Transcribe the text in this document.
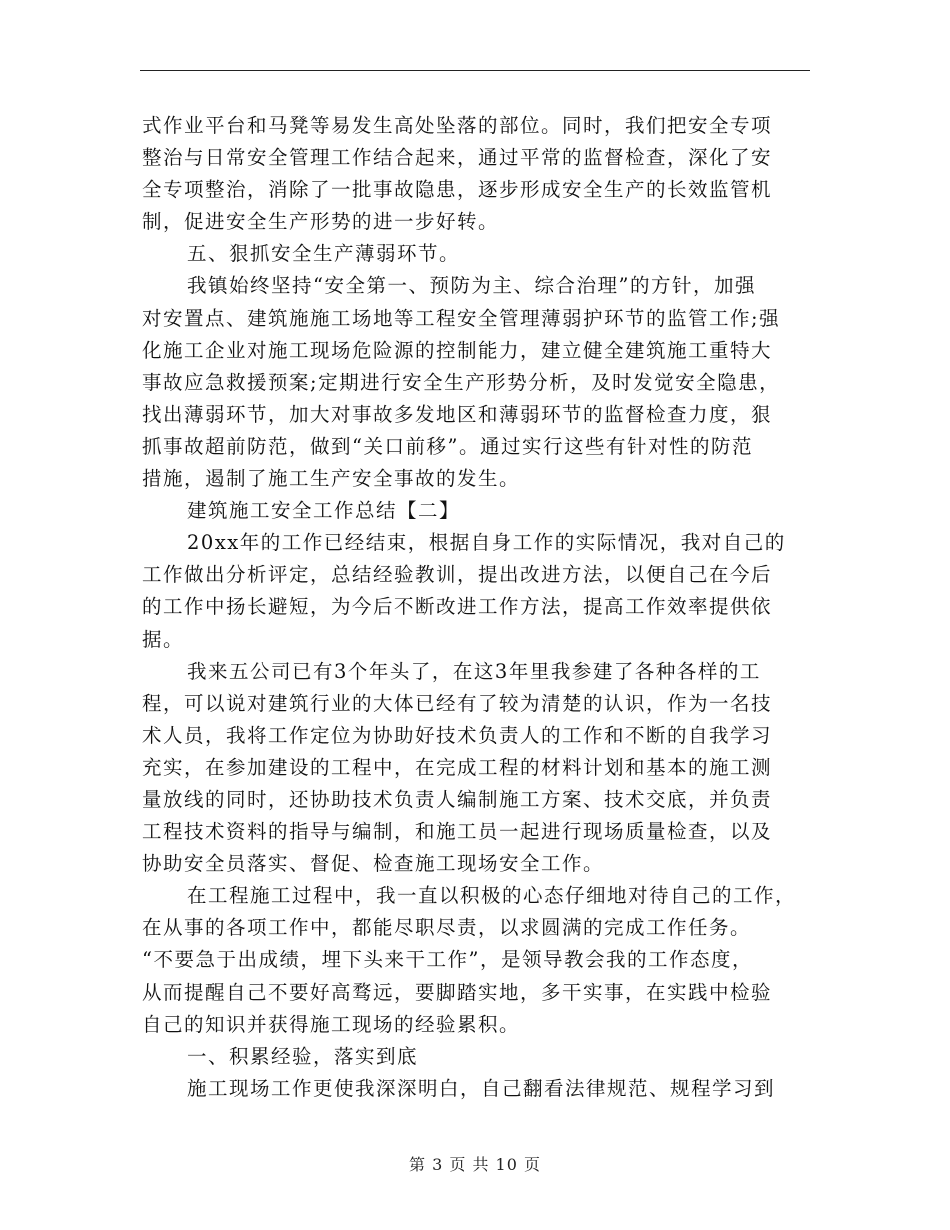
式作业平台和马凳等易发生高处坠落的部位。同时，我们把安全专项
整治与日常安全管理工作结合起来，通过平常的监督检查，深化了安
全专项整治，消除了一批事故隐患，逐步形成安全生产的长效监管机
制，促进安全生产形势的进一步好转。
五、狠抓安全生产薄弱环节。
我镇始终坚持“安全第一、预防为主、综合治理”的方针，加强
对安置点、建筑施施工场地等工程安全管理薄弱护环节的监管工作;强
化施工企业对施工现场危险源的控制能力，建立健全建筑施工重特大
事故应急救援预案;定期进行安全生产形势分析，及时发觉安全隐患，
找出薄弱环节，加大对事故多发地区和薄弱环节的监督检查力度，狠
抓事故超前防范，做到“关口前移”。通过实行这些有针对性的防范
措施，遏制了施工生产安全事故的发生。
建筑施工安全工作总结【二】
20xx年的工作已经结束，根据自身工作的实际情况，我对自己的
工作做出分析评定，总结经验教训，提出改进方法，以便自己在今后
的工作中扬长避短，为今后不断改进工作方法，提高工作效率提供依
据。
我来五公司已有3个年头了，在这3年里我参建了各种各样的工
程，可以说对建筑行业的大体已经有了较为清楚的认识，作为一名技
术人员，我将工作定位为协助好技术负责人的工作和不断的自我学习
充实，在参加建设的工程中，在完成工程的材料计划和基本的施工测
量放线的同时，还协助技术负责人编制施工方案、技术交底，并负责
工程技术资料的指导与编制，和施工员一起进行现场质量检查，以及
协助安全员落实、督促、检查施工现场安全工作。
在工程施工过程中，我一直以积极的心态仔细地对待自己的工作，
在从事的各项工作中，都能尽职尽责，以求圆满的完成工作任务。
“不要急于出成绩，埋下头来干工作”，是领导教会我的工作态度，
从而提醒自己不要好高骛远，要脚踏实地，多干实事，在实践中检验
自己的知识并获得施工现场的经验累积。
一、积累经验，落实到底
施工现场工作更使我深深明白，自己翻看法律规范、规程学习到
第 3 页 共 10 页
